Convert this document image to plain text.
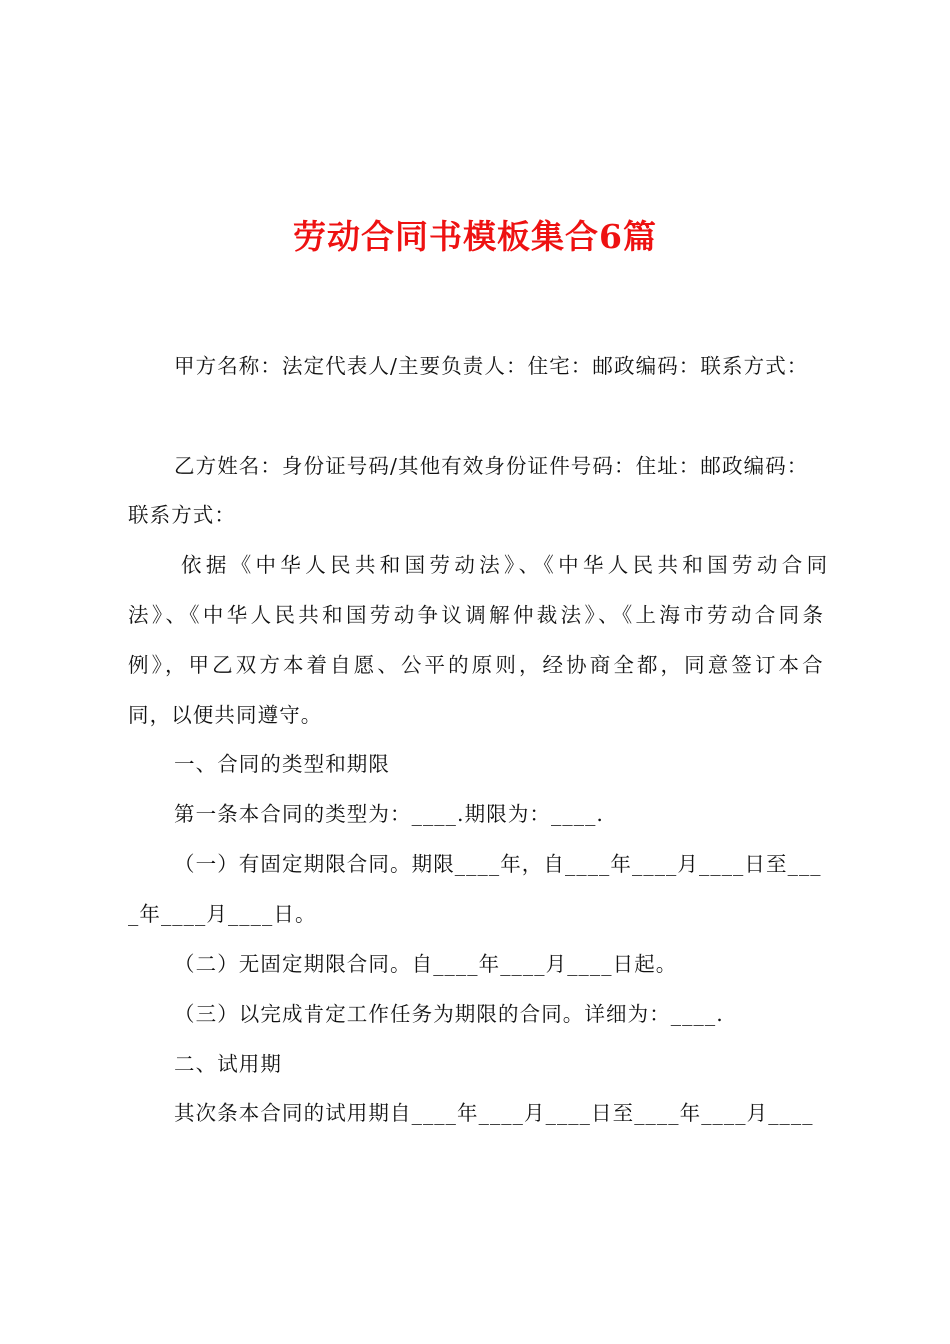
劳动合同书模板集合6篇
甲方名称：法定代表人/主要负责人：住宅：邮政编码：联系方式：
乙方姓名：身份证号码/其他有效身份证件号码：住址：邮政编码：
联系方式：
依据《中华人民共和国劳动法》、《中华人民共和国劳动合同
法》、《中华人民共和国劳动争议调解仲裁法》、《上海市劳动合同条
例》，甲乙双方本着自愿、公平的原则，经协商全都，同意签订本合
同，以便共同遵守。
一、合同的类型和期限
第一条本合同的类型为：____.期限为：____.
（一）有固定期限合同。期限____年，自____年____月____日至___
_年____月____日。
（二）无固定期限合同。自____年____月____日起。
（三）以完成肯定工作任务为期限的合同。详细为：____.
二、试用期
其次条本合同的试用期自____年____月____日至____年____月____
